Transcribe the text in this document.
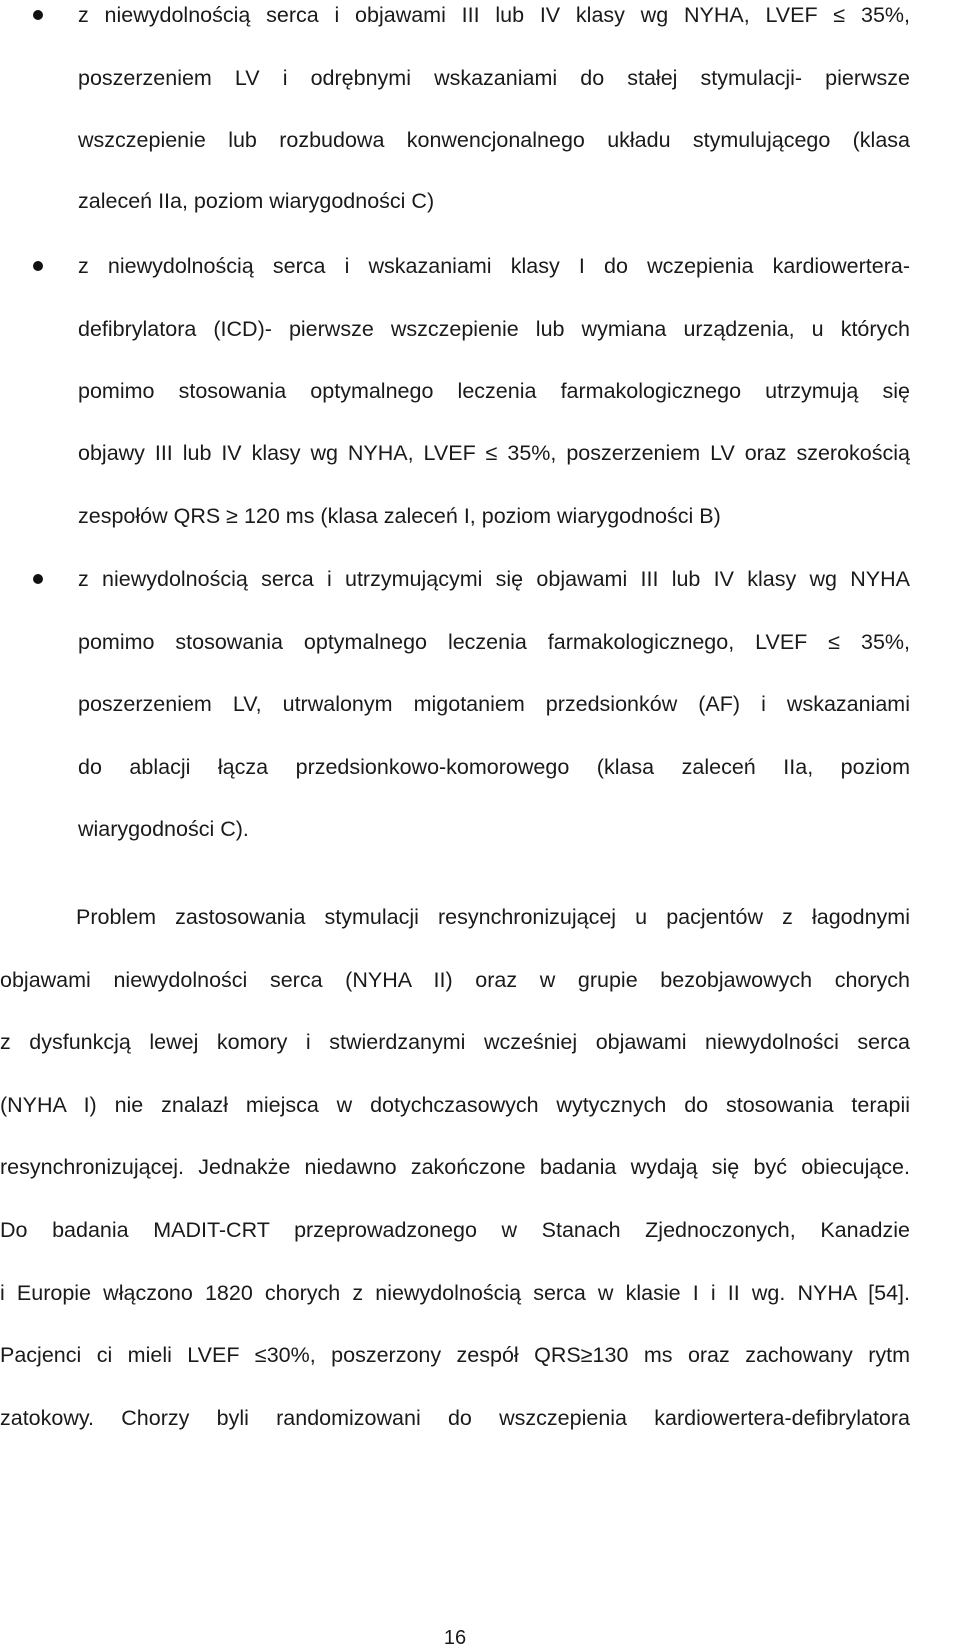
z niewydolnością serca i objawami III lub IV klasy wg NYHA, LVEF ≤ 35%,
poszerzeniem LV i odrębnymi wskazaniami do stałej stymulacji- pierwsze
wszczepienie lub rozbudowa konwencjonalnego układu stymulującego (klasa
zaleceń IIa, poziom wiarygodności C)
z niewydolnością serca i wskazaniami klasy I do wczepienia kardiowertera-
defibrylatora (ICD)- pierwsze wszczepienie lub wymiana urządzenia, u których
pomimo stosowania optymalnego leczenia farmakologicznego utrzymują się
objawy III lub IV klasy wg NYHA, LVEF ≤ 35%, poszerzeniem LV oraz szerokością
zespołów QRS ≥ 120 ms (klasa zaleceń I, poziom wiarygodności B)
z niewydolnością serca i utrzymującymi się objawami III lub IV klasy wg NYHA
pomimo stosowania optymalnego leczenia farmakologicznego, LVEF ≤ 35%,
poszerzeniem LV, utrwalonym migotaniem przedsionków (AF) i wskazaniami
do ablacji łącza przedsionkowo-komorowego (klasa zaleceń IIa, poziom
wiarygodności C).
Problem zastosowania stymulacji resynchronizującej u pacjentów z łagodnymi
objawami niewydolności serca (NYHA II) oraz w grupie bezobjawowych chorych
z dysfunkcją lewej komory i stwierdzanymi wcześniej objawami niewydolności serca
(NYHA I) nie znalazł miejsca w dotychczasowych wytycznych do stosowania terapii
resynchronizującej. Jednakże niedawno zakończone badania wydają się być obiecujące.
Do badania MADIT-CRT przeprowadzonego w Stanach Zjednoczonych, Kanadzie
i Europie włączono 1820 chorych z niewydolnością serca w klasie I i II wg. NYHA [54].
Pacjenci ci mieli LVEF ≤30%, poszerzony zespół QRS≥130 ms oraz zachowany rytm
zatokowy. Chorzy byli randomizowani do wszczepienia kardiowertera-defibrylatora
16
